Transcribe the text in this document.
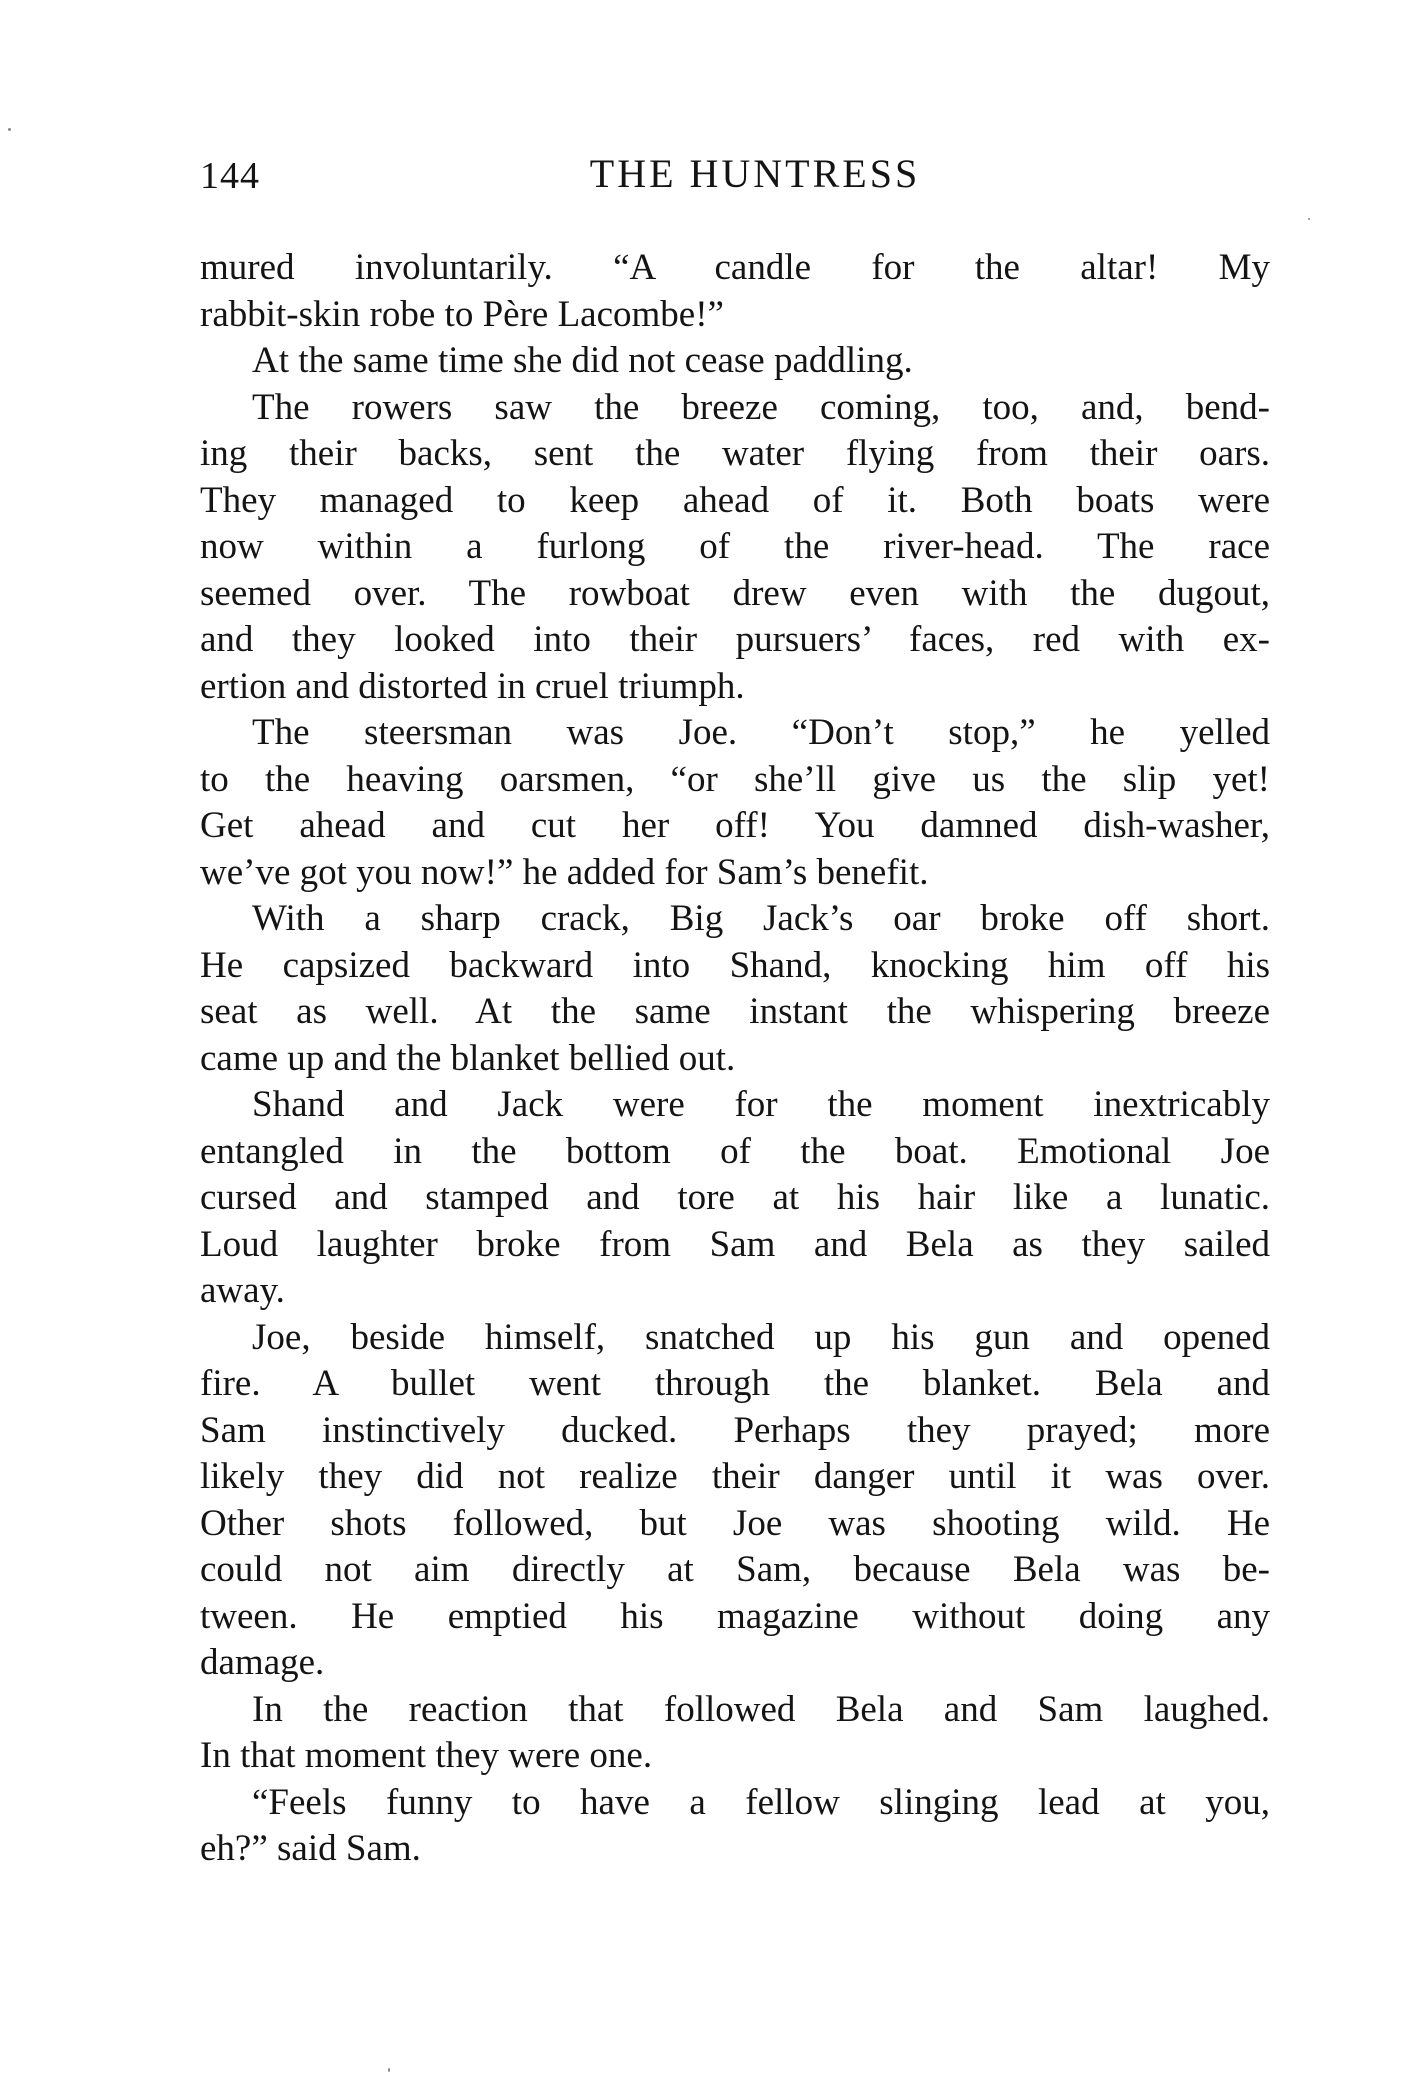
144	THE HUNTRESS
mured involuntarily. “A candle for the altar! My
rabbit-skin robe to Père Lacombe!”
At the same time she did not cease paddling.
The rowers saw the breeze coming, too, and, bend-
ing their backs, sent the water flying from their oars.
They managed to keep ahead of it. Both boats were
now within a furlong of the river-head. The race
seemed over. The rowboat drew even with the dugout,
and they looked into their pursuers’ faces, red with ex-
ertion and distorted in cruel triumph.
The steersman was Joe. “Don’t stop,” he yelled
to the heaving oarsmen, “or she’ll give us the slip yet!
Get ahead and cut her off! You damned dish-washer,
we’ve got you now!” he added for Sam’s benefit.
With a sharp crack, Big Jack’s oar broke off short.
He capsized backward into Shand, knocking him off his
seat as well. At the same instant the whispering breeze
came up and the blanket bellied out.
Shand and Jack were for the moment inextricably
entangled in the bottom of the boat. Emotional Joe
cursed and stamped and tore at his hair like a lunatic.
Loud laughter broke from Sam and Bela as they sailed
away.
Joe, beside himself, snatched up his gun and opened
fire. A bullet went through the blanket. Bela and
Sam instinctively ducked. Perhaps they prayed; more
likely they did not realize their danger until it was over.
Other shots followed, but Joe was shooting wild. He
could not aim directly at Sam, because Bela was be-
tween. He emptied his magazine without doing any
damage.
In the reaction that followed Bela and Sam laughed.
In that moment they were one.
“Feels funny to have a fellow slinging lead at you,
eh?” said Sam.
